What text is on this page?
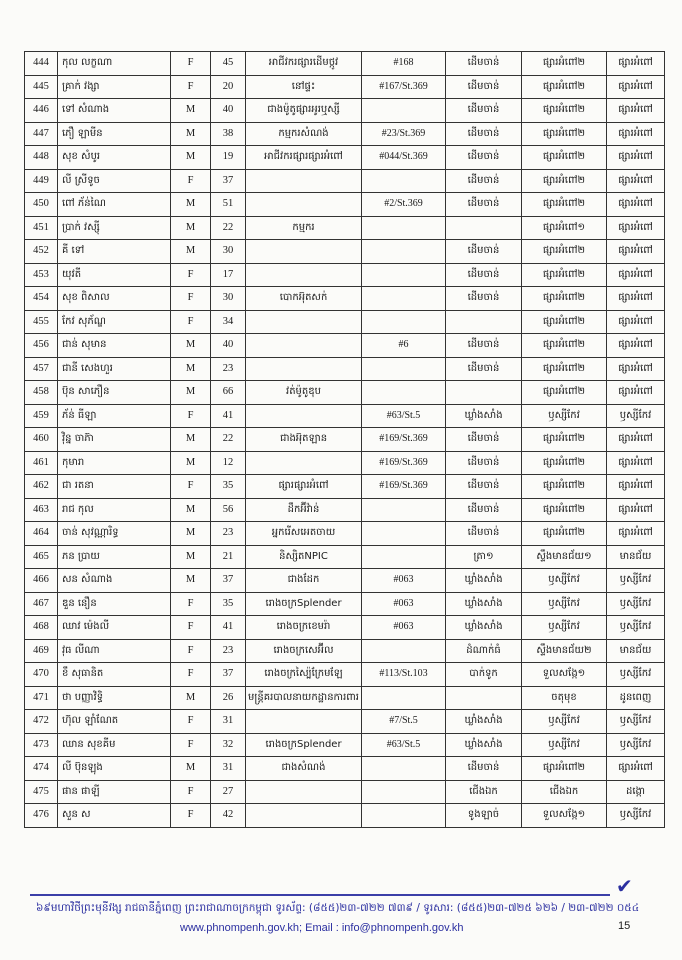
444	កុល លក្ខណា	F	45	អាជីវករផ្សារដើមថ្កូវ	#168	ដើមចាន់	ផ្សារអំពៅ២	ផ្សារអំពៅ
445	គ្រាក់ វង្សា	F	20	នៅផ្ទះ	#167/St.369	ដើមចាន់	ផ្សារអំពៅ២	ផ្សារអំពៅ
446	ទៅ សំណាង	M	40	ជាងម៉ូតូផ្សារអូរឬស្សី		ដើមចាន់	ផ្សារអំពៅ២	ផ្សារអំពៅ
447	ភឿ ឡាមីន	M	38	កម្មករសំណង់	#23/St.369	ដើមចាន់	ផ្សារអំពៅ២	ផ្សារអំពៅ
448	សុខ សំបូរ	M	19	អាជីវករផ្សារផ្សារអំពៅ	#044/St.369	ដើមចាន់	ផ្សារអំពៅ២	ផ្សារអំពៅ
449	លី ស្រីទូច	F	37			ដើមចាន់	ផ្សារអំពៅ២	ផ្សារអំពៅ
450	ពៅ ភ័ន់ណៃ	M	51		#2/St.369	ដើមចាន់	ផ្សារអំពៅ២	ផ្សារអំពៅ
451	ប្រាក់ វស្ស៊ី	M	22	កម្មករ			ផ្សារអំពៅ១	ផ្សារអំពៅ
452	គី ទៅ	M	30			ដើមចាន់	ផ្សារអំពៅ២	ផ្សារអំពៅ
453	យុវតី	F	17			ដើមចាន់	ផ្សារអំពៅ២	ផ្សារអំពៅ
454	សុខ ពិសាល	F	30	បោកអ៊ុតសក់		ដើមចាន់	ផ្សារអំពៅ២	ផ្សារអំពៅ
455	កែវ សុភ័ណ្ឌ	F	34				ផ្សារអំពៅ២	ផ្សារអំពៅ
456	ជាន់ សុមាន	M	40		#6	ដើមចាន់	ផ្សារអំពៅ២	ផ្សារអំពៅ
457	ជានី សេងហួរ	M	23			ដើមចាន់	ផ្សារអំពៅ២	ផ្សារអំពៅ
458	ប៊ុន សាភឿន	M	66	វត់ម៉ូតូឌុប			ផ្សារអំពៅ២	ផ្សារអំពៅ
459	ភ័ន់ ធីឡា	F	41		#63/St.5	ឃ្លាំងសាំង	ឫស្សីកែវ	ឫស្សីកែវ
460	វ៉ិន្ន ចាភ៊ា	M	22	ជាងអ៊ុតឡាន	#169/St.369	ដើមចាន់	ផ្សារអំពៅ២	ផ្សារអំពៅ
461	កុមារា	M	12		#169/St.369	ដើមចាន់	ផ្សារអំពៅ២	ផ្សារអំពៅ
462	ជា រតនា	F	35	ផ្សារផ្សារអំពៅ	#169/St.369	ដើមចាន់	ផ្សារអំពៅ២	ផ្សារអំពៅ
463	រាជ កុល	M	56	ដឹកអ៊ីវ៉ាន់		ដើមចាន់	ផ្សារអំពៅ២	ផ្សារអំពៅ
464	ចាន់ សុវណ្ណារិទ្ធ	M	23	អ្នករើសអេតចាយ		ដើមចាន់	ផ្សារអំពៅ២	ផ្សារអំពៅ
465	ភន ប្រាយ	M	21	និស្សិតNPIC		ត្រា១	ស្ទឹងមានជ័យ១	មានជ័យ
466	សន សំណាង	M	37	ជាងដែក	#063	ឃ្លាំងសាំង	ឫស្សីកែវ	ឫស្សីកែវ
467	ឌួន នឿន	F	35	រោងចក្រSplender	#063	ឃ្លាំងសាំង	ឫស្សីកែវ	ឫស្សីកែវ
468	ឈាវ ម៉េងលី	F	41	រោងចក្រខេមរ៉ា	#063	ឃ្លាំងសាំង	ឫស្សីកែវ	ឫស្សីកែវ
469	វុធ លីណា	F	23	រោងចក្រសេអ៊ីល		ដំណាក់ធំ	ស្ទឹងមានជ័យ២	មានជ័យ
470	ខឹ សុធានិត	F	37	រោងចក្រស្ប៉ៃក្រែមឡែ	#113/St.103	បាក់ទូក	ទួលសង្កែ១	ឫស្សីកែវ
471	ថា បញ្ញាវិទ្ធិ	M	26	មន្ត្រីគរបាលនាយកដ្ឋានការពារ			ចតុមុខ	ដូនពេញ
472	ហ៊ុល ឡាំណែត	F	31		#7/St.5	ឃ្លាំងសាំង	ឫស្សីកែវ	ឫស្សីកែវ
473	ឈាន សុខគីម	F	32	រោងចក្រSplender	#63/St.5	ឃ្លាំងសាំង	ឫស្សីកែវ	ឫស្សីកែវ
474	លី ប៊ុនឡុង	M	31	ជាងសំណង់		ដើមចាន់	ផ្សារអំពៅ២	ផ្សារអំពៅ
475	ផាន ផាឡី	F	27			ជើងឯក	ជើងឯក	ដង្កោ
476	សួន ស	F	42			ទូងឡាច់	ទួលសង្កែ១	ឫស្សីកែវ
✔
៦៩មហាវិថីព្រះមុនីវង្ស រាជធានីភ្នំពេញ ព្រះរាជាណាចក្រកម្ពុជា ទូរស័ព្ទ: (៨៥៥)២៣-៧២២ ៧៣៩ / ទូរសារ: (៨៥៥)២៣-៧២៥ ៦២៦ / ២៣-៧២២ ០៥៤
www.phnompenh.gov.kh; Email : info@phnompenh.gov.kh	15
